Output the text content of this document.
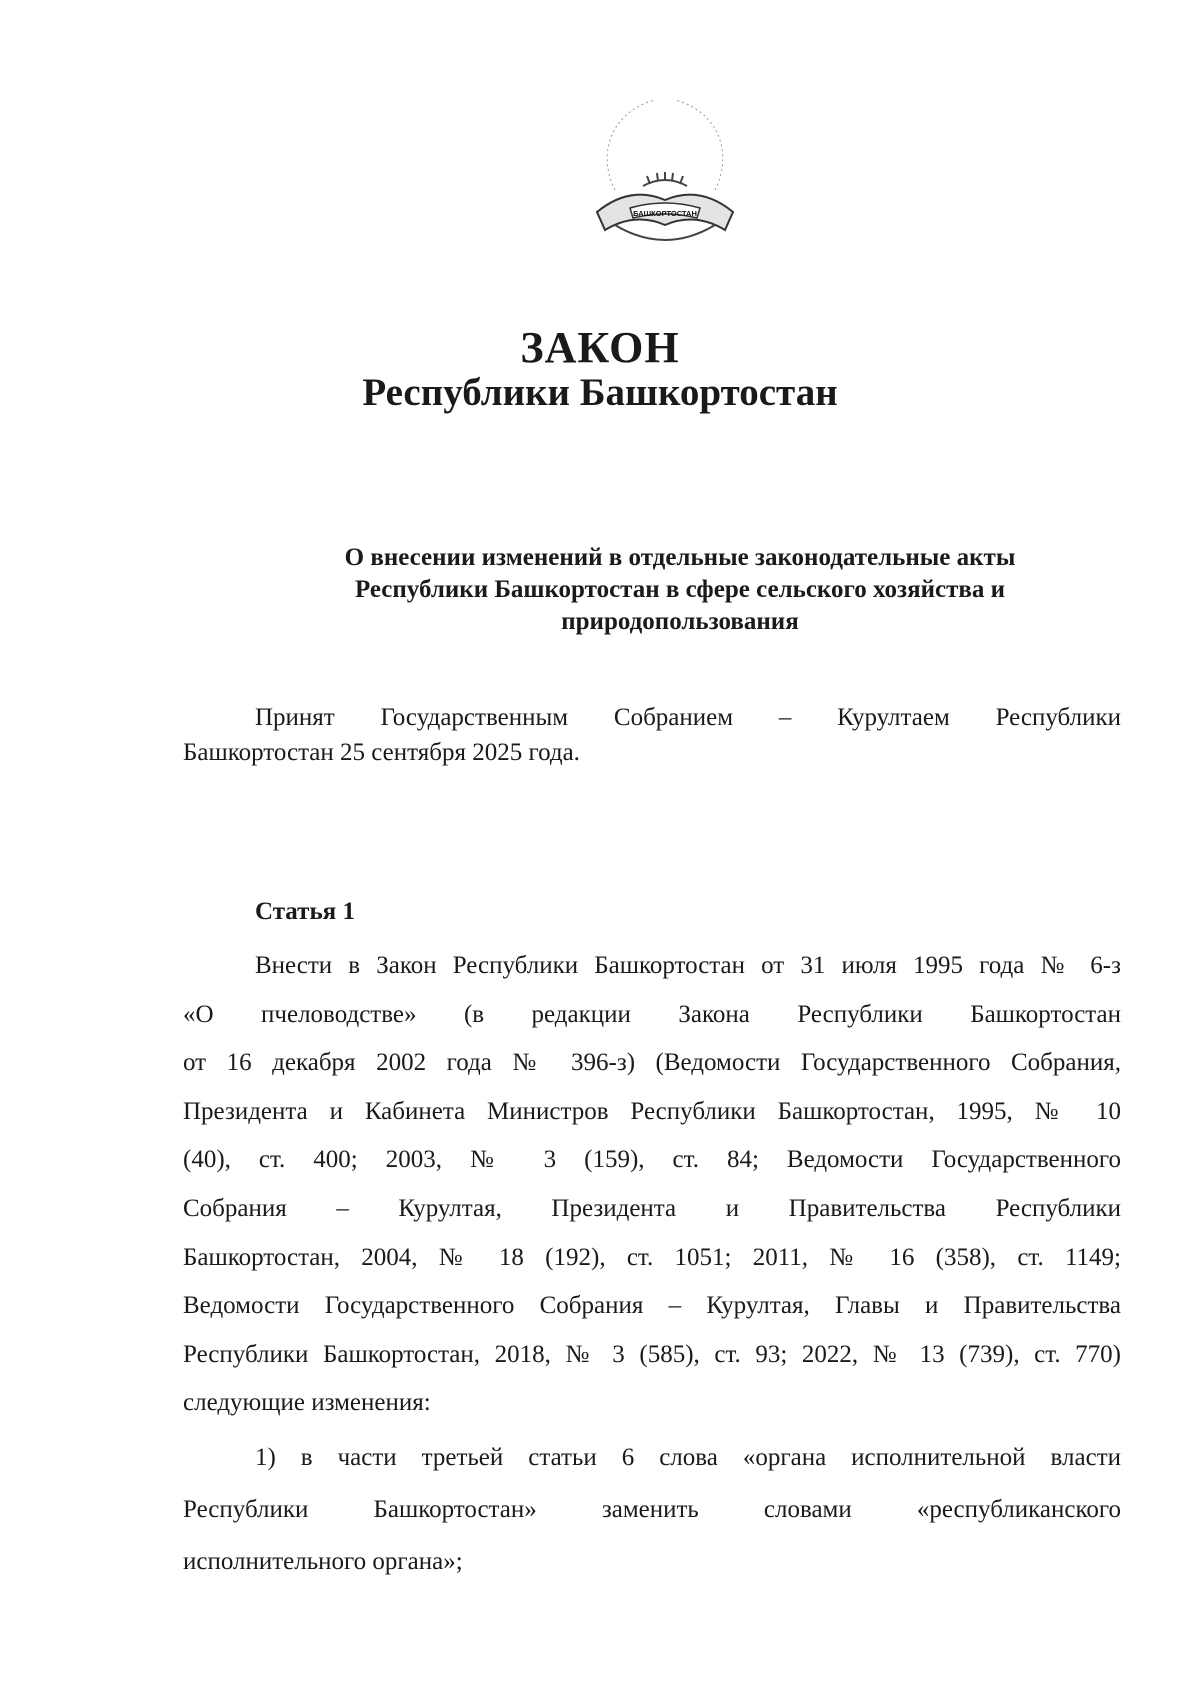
БАШКОРТОСТАН
ЗАКОН
Республики Башкортостан
О внесении изменений в отдельные законодательные акты
Республики Башкортостан в сфере сельского хозяйства и
природопользования
Принят Государственным Собранием – Курултаем Республики
Башкортостан 25 сентября 2025 года.
Статья 1
Внести в Закон Республики Башкортостан от 31 июля 1995 года № 6-з
«О пчеловодстве» (в редакции Закона Республики Башкортостан
от 16 декабря 2002 года № 396-з) (Ведомости Государственного Собрания,
Президента и Кабинета Министров Республики Башкортостан, 1995, № 10
(40), ст. 400; 2003, № 3 (159), ст. 84; Ведомости Государственного
Собрания – Курултая, Президента и Правительства Республики
Башкортостан, 2004, № 18 (192), ст. 1051; 2011, № 16 (358), ст. 1149;
Ведомости Государственного Собрания – Курултая, Главы и Правительства
Республики Башкортостан, 2018, № 3 (585), ст. 93; 2022, № 13 (739), ст. 770)
следующие изменения:
1) в части третьей статьи 6 слова «органа исполнительной власти
Республики Башкортостан» заменить словами «республиканского
исполнительного органа»;
